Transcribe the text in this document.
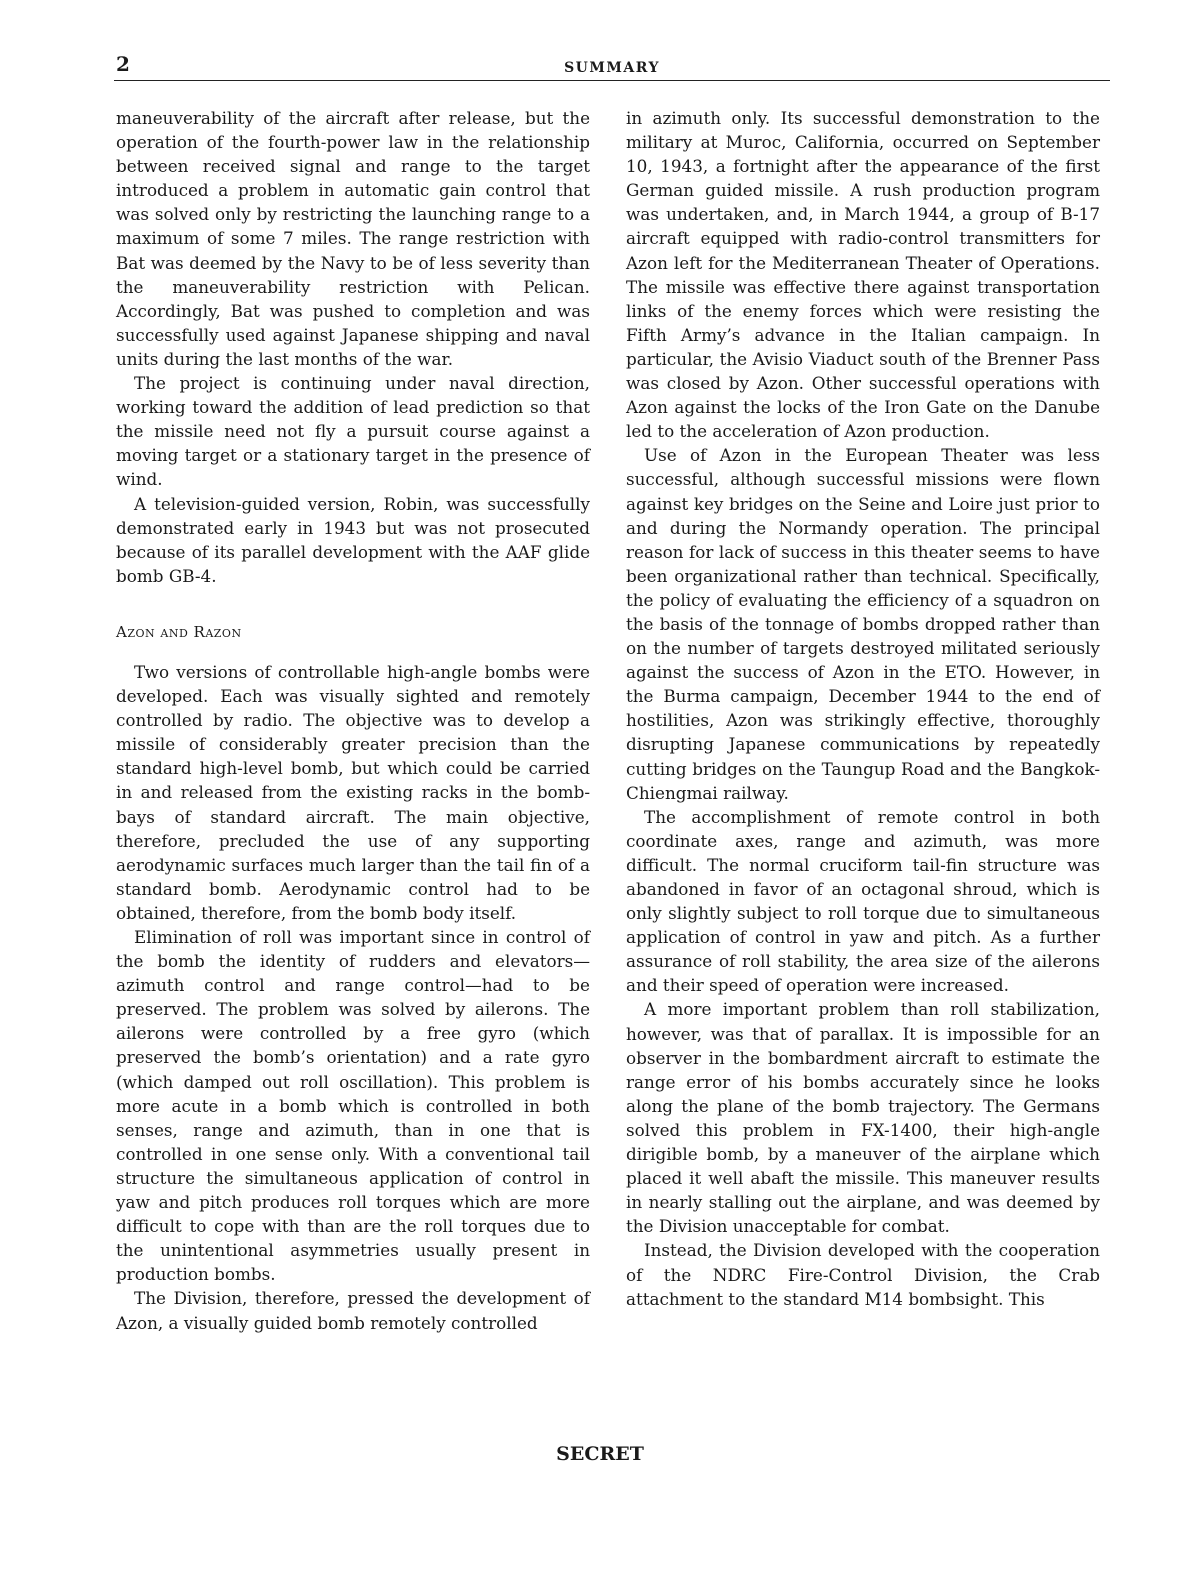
2	SUMMARY

maneuverability of the aircraft after release, but the operation of the fourth-power law in the relationship between received signal and range to the target introduced a problem in automatic gain control that was solved only by restricting the launching range to a maximum of some 7 miles. The range restriction with Bat was deemed by the Navy to be of less severity than the maneuverability restriction with Pelican. Accordingly, Bat was pushed to completion and was successfully used against Japanese shipping and naval units during the last months of the war.

The project is continuing under naval direction, working toward the addition of lead prediction so that the missile need not fly a pursuit course against a moving target or a stationary target in the presence of wind.

A television-guided version, Robin, was successfully demonstrated early in 1943 but was not prosecuted because of its parallel development with the AAF glide bomb GB-4.

Azon and Razon

Two versions of controllable high-angle bombs were developed. Each was visually sighted and remotely controlled by radio. The objective was to develop a missile of considerably greater precision than the standard high-level bomb, but which could be carried in and released from the existing racks in the bomb-bays of standard aircraft. The main objective, therefore, precluded the use of any supporting aerodynamic surfaces much larger than the tail fin of a standard bomb. Aerodynamic control had to be obtained, therefore, from the bomb body itself.

Elimination of roll was important since in control of the bomb the identity of rudders and elevators—azimuth control and range control—had to be preserved. The problem was solved by ailerons. The ailerons were controlled by a free gyro (which preserved the bomb’s orientation) and a rate gyro (which damped out roll oscillation). This problem is more acute in a bomb which is controlled in both senses, range and azimuth, than in one that is controlled in one sense only. With a conventional tail structure the simultaneous application of control in yaw and pitch produces roll torques which are more difficult to cope with than are the roll torques due to the unintentional asymmetries usually present in production bombs.

The Division, therefore, pressed the development of Azon, a visually guided bomb remotely controlled

in azimuth only. Its successful demonstration to the military at Muroc, California, occurred on September 10, 1943, a fortnight after the appearance of the first German guided missile. A rush production program was undertaken, and, in March 1944, a group of B-17 aircraft equipped with radio-control transmitters for Azon left for the Mediterranean Theater of Operations. The missile was effective there against transportation links of the enemy forces which were resisting the Fifth Army’s advance in the Italian campaign. In particular, the Avisio Viaduct south of the Brenner Pass was closed by Azon. Other successful operations with Azon against the locks of the Iron Gate on the Danube led to the acceleration of Azon production.

Use of Azon in the European Theater was less successful, although successful missions were flown against key bridges on the Seine and Loire just prior to and during the Normandy operation. The principal reason for lack of success in this theater seems to have been organizational rather than technical. Specifically, the policy of evaluating the efficiency of a squadron on the basis of the tonnage of bombs dropped rather than on the number of targets destroyed militated seriously against the success of Azon in the ETO. However, in the Burma campaign, December 1944 to the end of hostilities, Azon was strikingly effective, thoroughly disrupting Japanese communications by repeatedly cutting bridges on the Taungup Road and the Bangkok-Chiengmai railway.

The accomplishment of remote control in both coordinate axes, range and azimuth, was more difficult. The normal cruciform tail-fin structure was abandoned in favor of an octagonal shroud, which is only slightly subject to roll torque due to simultaneous application of control in yaw and pitch. As a further assurance of roll stability, the area size of the ailerons and their speed of operation were increased.

A more important problem than roll stabilization, however, was that of parallax. It is impossible for an observer in the bombardment aircraft to estimate the range error of his bombs accurately since he looks along the plane of the bomb trajectory. The Germans solved this problem in FX-1400, their high-angle dirigible bomb, by a maneuver of the airplane which placed it well abaft the missile. This maneuver results in nearly stalling out the airplane, and was deemed by the Division unacceptable for combat.

Instead, the Division developed with the cooperation of the NDRC Fire-Control Division, the Crab attachment to the standard M14 bombsight. This

SECRET
